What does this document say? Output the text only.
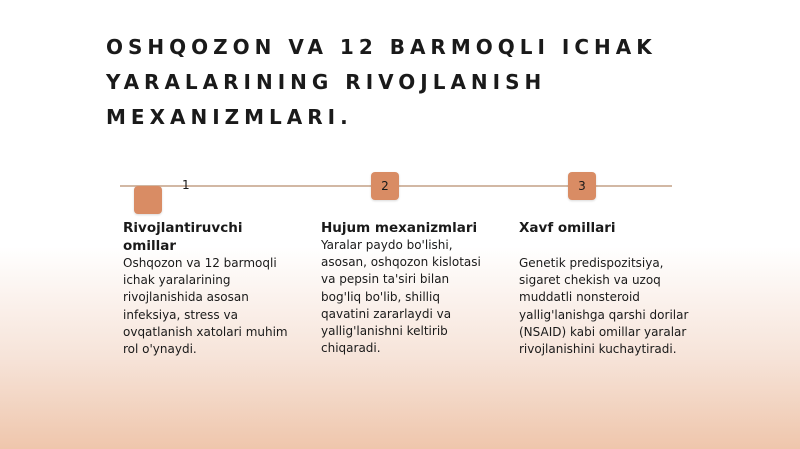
OSHQOZON VA 12 BARMOQLI ICHAK YARALARINING RIVOJLANISH MEXANIZMLARI.
1	2	3
Rivojlantiruvchi omillar

Oshqozon va 12 barmoqli ichak yaralarining rivojlanishida asosan infeksiya, stress va ovqatlanish xatolari muhim rol o'ynaydi.

Hujum mexanizmlari

Yaralar paydo bo'lishi, asosan, oshqozon kislotasi va pepsin ta'siri bilan bog'liq bo'lib, shilliq qavatini zararlaydi va yallig'lanishni keltirib chiqaradi.

Xavf omillari

Genetik predispozitsiya, sigaret chekish va uzoq muddatli nonsteroid yallig'lanishga qarshi dorilar (NSAID) kabi omillar yaralar rivojlanishini kuchaytiradi.
